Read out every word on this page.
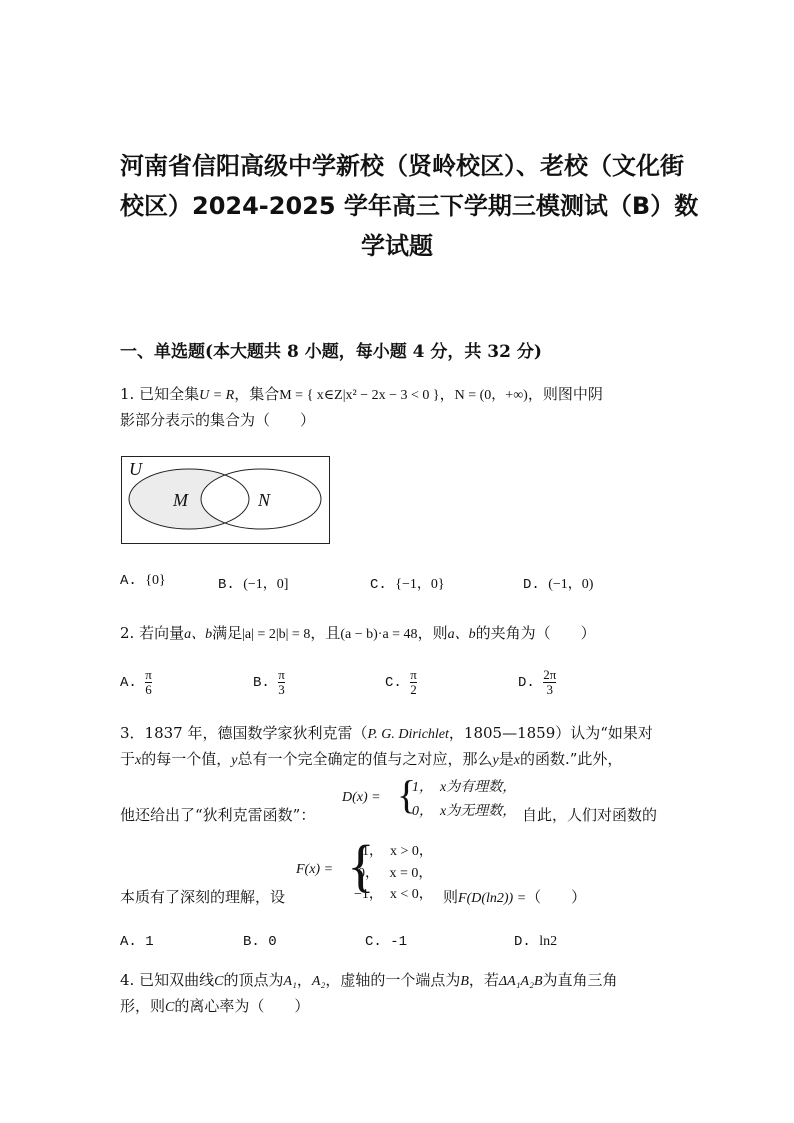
河南省信阳高级中学新校（贤岭校区）、老校（文化街
校区）2024-2025 学年高三下学期三模测试（B）数
学试题
一、单选题(本大题共 8 小题，每小题 4 分，共 32 分)
1. 已知全集U = R，集合M = { x∈Z|x² − 2x − 3 < 0 }，N = (0，+∞)，则图中阴
影部分表示的集合为（　　）
U
M	N
A. {0}	B. (−1，0]	C. {−1，0}	D. (−1，0)
2. 若向量a、b满足|a| = 2|b| = 8，且(a − b)·a = 48，则a、b的夹角为（　　）
A. $\frac{\pi}{6}$	B. $\frac{\pi}{3}$	C. $\frac{\pi}{2}$	D. $\frac{2\pi}{3}$
3．1837 年，德国数学家狄利克雷（P. G. Dirichlet，1805—1859）认为“如果对
于x的每一个值，y总有一个完全确定的值与之对应，那么y是x的函数.”此外，
他还给出了“狄利克雷函数”：
D(x) = {
1，　x为有理数，
0，　x为无理数， 自此，人们对函数的
本质有了深刻的理解，设
F(x) = {
1，　x > 0，
0，　 x = 0，
−1，　x < 0， 则F(D(ln2)) =（　　）
A. 1	B. 0	C. -1	D. ln2
4. 已知双曲线C的顶点为A₁，A₂，虚轴的一个端点为B，若ΔA₁A₂B为直角三角
形，则C的离心率为（　　）
